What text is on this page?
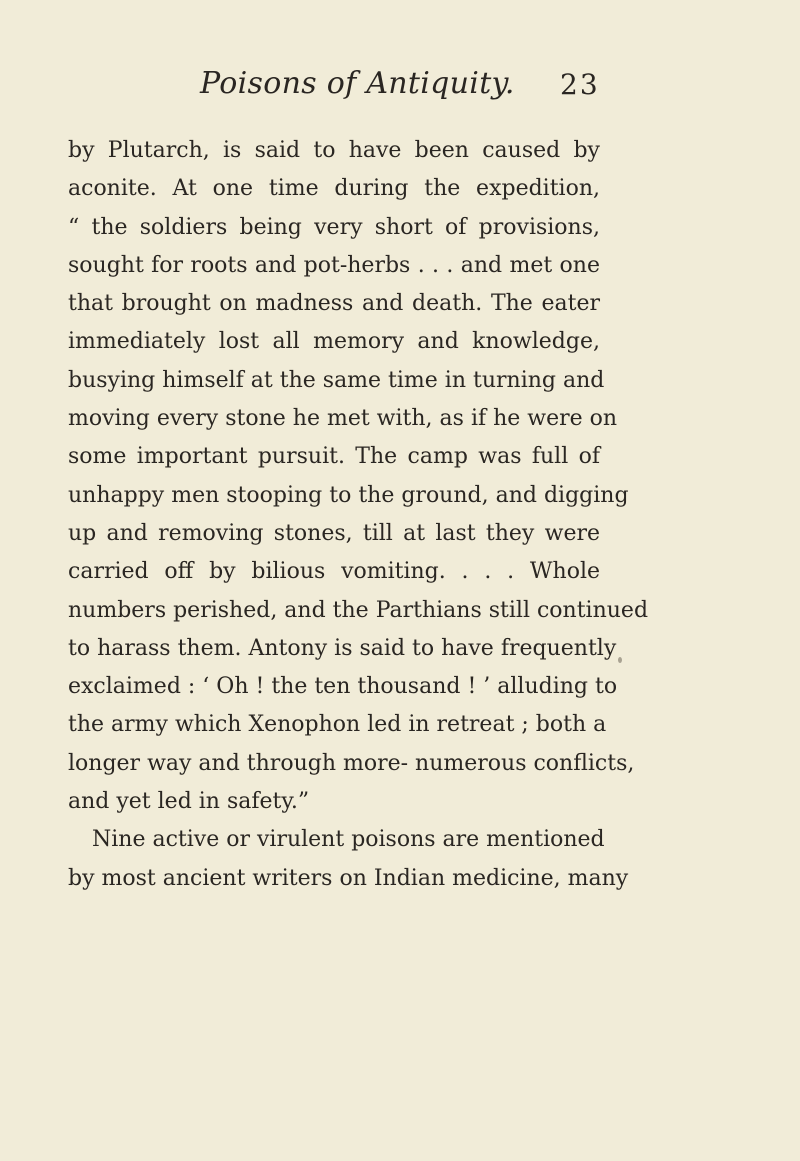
Poisons of Antiquity. 23
by Plutarch, is said to have been caused by
aconite. At one time during the expedition,
“ the soldiers being very short of provisions,
sought for roots and pot-herbs . . . and met one
that brought on madness and death. The eater
immediately lost all memory and knowledge,
busying himself at the same time in turning and
moving every stone he met with, as if he were on
some important pursuit. The camp was full of
unhappy men stooping to the ground, and digging
up and removing stones, till at last they were
carried off by bilious vomiting. . . . Whole
numbers perished, and the Parthians still continued
to harass them. Antony is said to have frequently
exclaimed : ‘ Oh ! the ten thousand ! ’ alluding to
the army which Xenophon led in retreat ; both a
longer way and through more- numerous conflicts,
and yet led in safety.”
Nine active or virulent poisons are mentioned
by most ancient writers on Indian medicine, many
